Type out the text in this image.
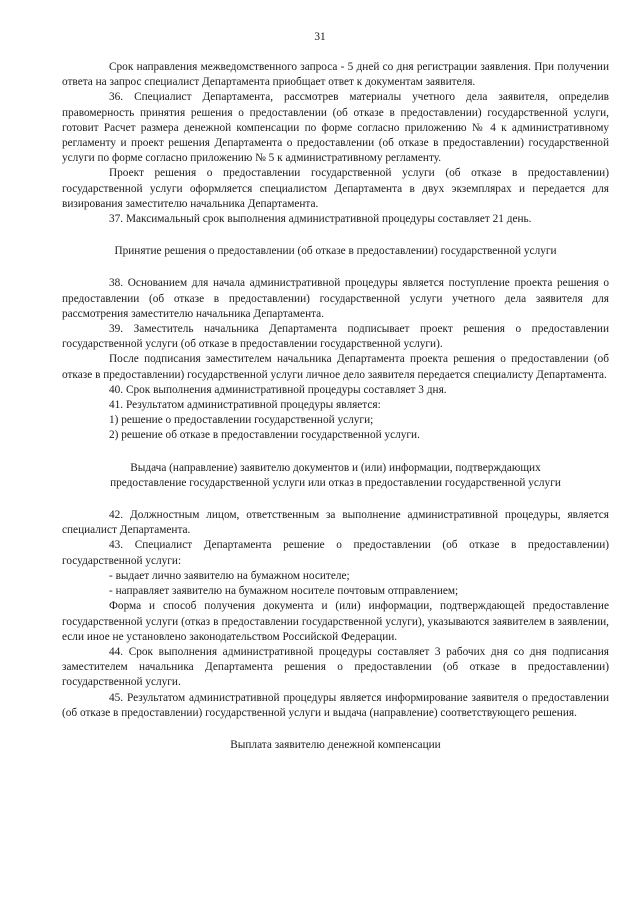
31
Срок направления межведомственного запроса - 5 дней со дня регистрации заявления. При получении ответа на запрос специалист Департамента приобщает ответ к документам заявителя.
36. Специалист Департамента, рассмотрев материалы учетного дела заявителя, определив правомерность принятия решения о предоставлении (об отказе в предоставлении) государственной услуги, готовит Расчет размера денежной компенсации по форме согласно приложению № 4 к административному регламенту и проект решения Департамента о предоставлении (об отказе в предоставлении) государственной услуги по форме согласно приложению № 5 к административному регламенту.
Проект решения о предоставлении государственной услуги (об отказе в предоставлении) государственной услуги оформляется специалистом Департамента в двух экземплярах и передается для визирования заместителю начальника Департамента.
37. Максимальный срок выполнения административной процедуры составляет 21 день.
Принятие решения о предоставлении (об отказе в предоставлении) государственной услуги
38. Основанием для начала административной процедуры является поступление проекта решения о предоставлении (об отказе в предоставлении) государственной услуги учетного дела заявителя для рассмотрения заместителю начальника Департамента.
39. Заместитель начальника Департамента подписывает проект решения о предоставлении государственной услуги (об отказе в предоставлении государственной услуги).
После подписания заместителем начальника Департамента проекта решения о предоставлении (об отказе в предоставлении) государственной услуги личное дело заявителя передается специалисту Департамента.
40. Срок выполнения административной процедуры составляет 3 дня.
41. Результатом административной процедуры является:
1) решение о предоставлении государственной услуги;
2) решение об отказе в предоставлении государственной услуги.
Выдача (направление) заявителю документов и (или) информации, подтверждающих предоставление государственной услуги или отказ в предоставлении государственной услуги
42. Должностным лицом, ответственным за выполнение административной процедуры, является специалист Департамента.
43. Специалист Департамента решение о предоставлении (об отказе в предоставлении) государственной услуги:
- выдает лично заявителю на бумажном носителе;
- направляет заявителю на бумажном носителе почтовым отправлением;
Форма и способ получения документа и (или) информации, подтверждающей предоставление государственной услуги (отказ в предоставлении государственной услуги), указываются заявителем в заявлении, если иное не установлено законодательством Российской Федерации.
44. Срок выполнения административной процедуры составляет 3 рабочих дня со дня подписания заместителем начальника Департамента решения о предоставлении (об отказе в предоставлении) государственной услуги.
45. Результатом административной процедуры является информирование заявителя о предоставлении (об отказе в предоставлении) государственной услуги и выдача (направление) соответствующего решения.
Выплата заявителю денежной компенсации
